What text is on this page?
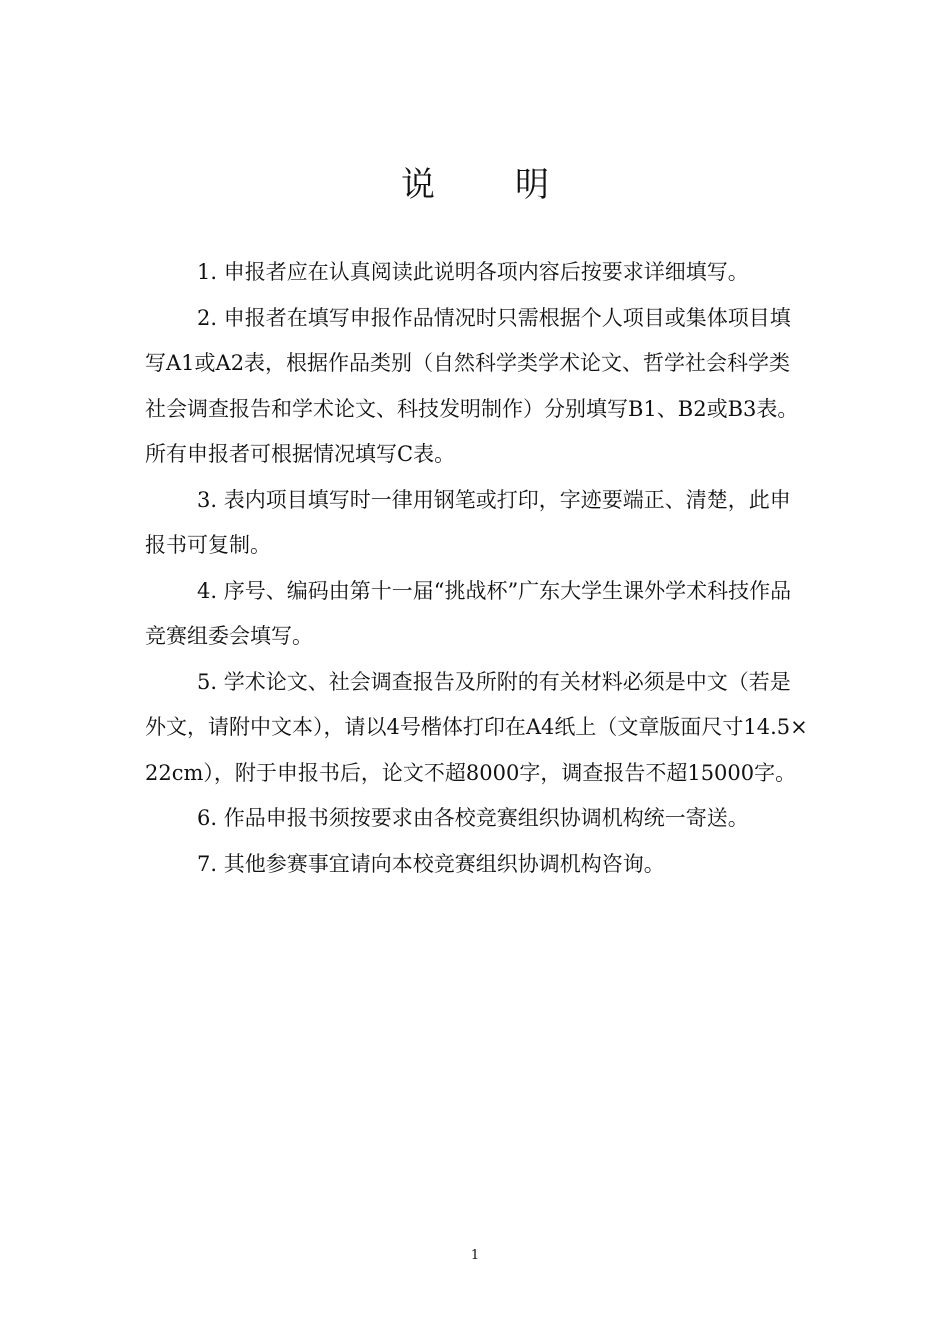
说 明

1. 申报者应在认真阅读此说明各项内容后按要求详细填写。

2. 申报者在填写申报作品情况时只需根据个人项目或集体项目填写A1或A2表，根据作品类别（自然科学类学术论文、哲学社会科学类社会调查报告和学术论文、科技发明制作）分别填写B1、B2或B3表。所有申报者可根据情况填写C表。

3. 表内项目填写时一律用钢笔或打印，字迹要端正、清楚，此申报书可复制。

4. 序号、编码由第十一届“挑战杯”广东大学生课外学术科技作品竞赛组委会填写。

5. 学术论文、社会调查报告及所附的有关材料必须是中文（若是外文，请附中文本），请以4号楷体打印在A4纸上（文章版面尺寸14.5×22cm），附于申报书后，论文不超8000字，调查报告不超15000字。

6. 作品申报书须按要求由各校竞赛组织协调机构统一寄送。

7. 其他参赛事宜请向本校竞赛组织协调机构咨询。

1
